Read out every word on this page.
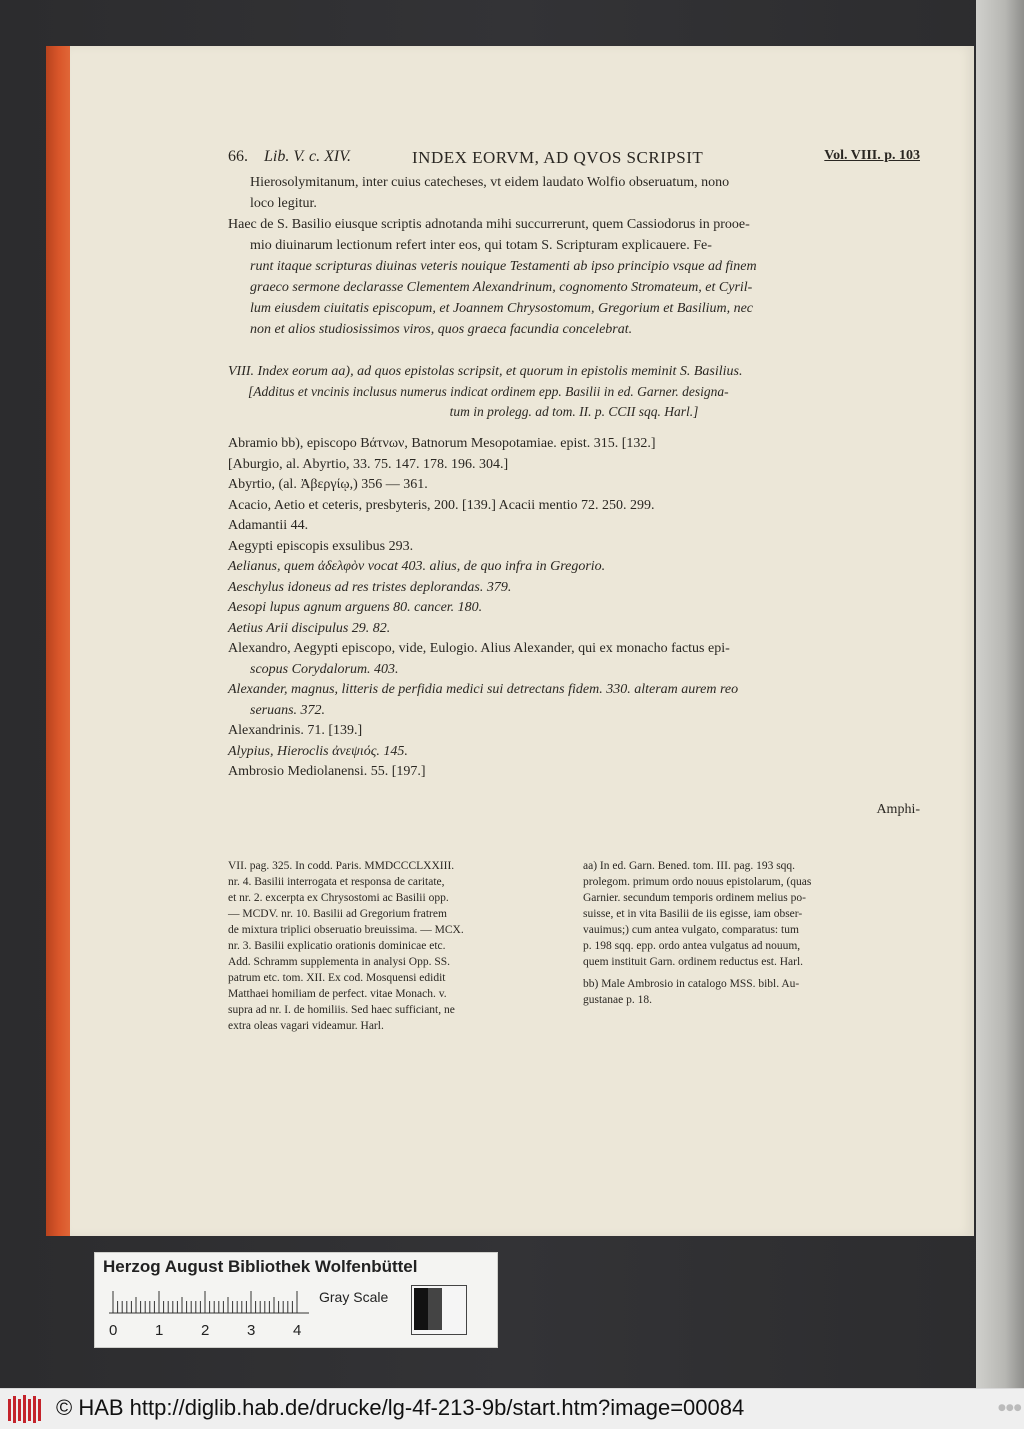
66. Lib. V. c. XIV.	INDEX EORVM, AD QVOS SCRIPSIT	Vol. VIII. p. 103

Hierosolymitanum, inter cuius catecheses, vt eidem laudato Wolfio obseruatum, nono

loco legitur.

Haec de S. Basilio eiusque scriptis adnotanda mihi succurrerunt, quem Cassiodorus in prooe-

mio diuinarum lectionum refert inter eos, qui totam S. Scripturam explicauere. Fe-

runt itaque scripturas diuinas veteris nouique Testamenti ab ipso principio vsque ad finem

graeco sermone declarasse Clementem Alexandrinum, cognomento Stromateum, et Cyril-

lum eiusdem ciuitatis episcopum, et Joannem Chrysostomum, Gregorium et Basilium, nec

non et alios studiosissimos viros, quos graeca facundia concelebrat.

VIII. Index eorum aa), ad quos epistolas scripsit, et quorum in epistolis meminit S. Basilius.

[Additus et vncinis inclusus numerus indicat ordinem epp. Basilii in ed. Garner. designa-

tum in prolegg. ad tom. II. p. CCII sqq. Harl.]

Abramio bb), episcopo Βάτνων, Batnorum Mesopotamiae. epist. 315. [132.]
[Aburgio, al. Abyrtio, 33. 75. 147. 178. 196. 304.]
Abyrtio, (al. Ἀβεργίῳ,) 356 — 361.
Acacio, Aetio et ceteris, presbyteris, 200. [139.] Acacii mentio 72. 250. 299.
Adamantii 44.
Aegypti episcopis exsulibus 293.
Aelianus, quem ἀδελφὸν vocat 403. alius, de quo infra in Gregorio.
Aeschylus idoneus ad res tristes deplorandas. 379.
Aesopi lupus agnum arguens 80. cancer. 180.
Aetius Arii discipulus 29. 82.
Alexandro, Aegypti episcopo, vide, Eulogio. Alius Alexander, qui ex monacho factus epi-
scopus Corydalorum. 403.
Alexander, magnus, litteris de perfidia medici sui detrectans fidem. 330. alteram aurem reo
seruans. 372.
Alexandrinis. 71. [139.]
Alypius, Hieroclis ἀνεψιός. 145.
Ambrosio Mediolanensi. 55. [197.]
Amphi-

VII. pag. 325. In codd. Paris. MMDCCCLXXIII.

nr. 4. Basilii interrogata et responsa de caritate,

et nr. 2. excerpta ex Chrysostomi ac Basilii opp.

— MCDV. nr. 10. Basilii ad Gregorium fratrem

de mixtura triplici obseruatio breuissima. — MCX.

nr. 3. Basilii explicatio orationis dominicae etc.

Add. Schramm supplementa in analysi Opp. SS.

patrum etc. tom. XII. Ex cod. Mosquensi edidit

Matthaei homiliam de perfect. vitae Monach. v.

supra ad nr. I. de homiliis. Sed haec sufficiant, ne

extra oleas vagari videamur. Harl.

aa) In ed. Garn. Bened. tom. III. pag. 193 sqq.

prolegom. primum ordo nouus epistolarum, (quas

Garnier. secundum temporis ordinem melius po-

suisse, et in vita Basilii de iis egisse, iam obser-

vauimus;) cum antea vulgato, comparatus: tum

p. 198 sqq. epp. ordo antea vulgatus ad nouum,

quem instituit Garn. ordinem reductus est. Harl.

bb) Male Ambrosio in catalogo MSS. bibl. Au-

gustanae p. 18.

Herzog August Bibliothek Wolfenbüttel
0	1	2	3	4
Gray Scale
© HAB http://diglib.hab.de/drucke/lg-4f-213-9b/start.htm?image=00084	●●●
